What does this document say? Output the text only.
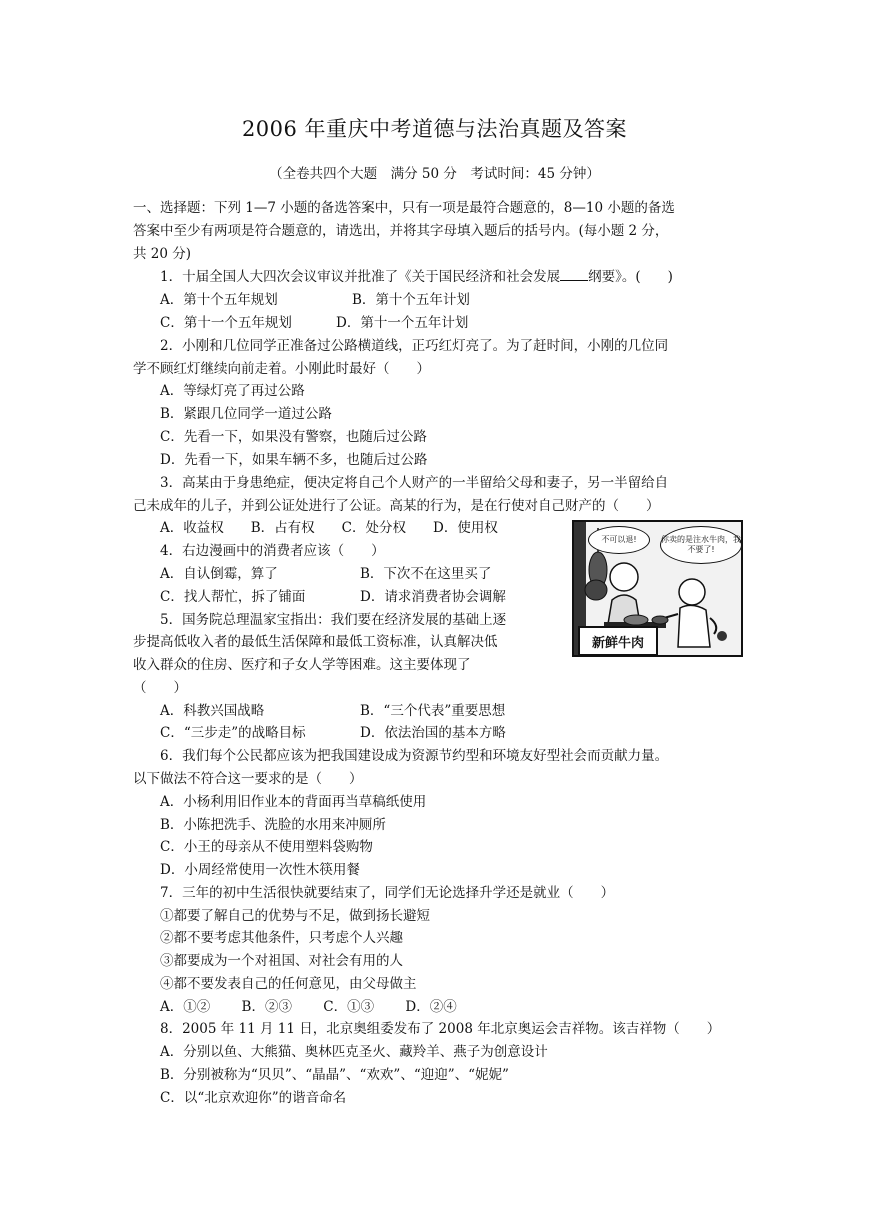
2006 年重庆中考道德与法治真题及答案
（全卷共四个大题　满分 50 分　考试时间：45 分钟）
一、选择题：下列 1—7 小题的备选答案中，只有一项是最符合题意的，8—10 小题的备选
答案中至少有两项是符合题意的，请选出，并将其字母填入题后的括号内。(每小题 2 分，
共 20 分)
1．十届全国人大四次会议审议并批准了《关于国民经济和社会发展 纲要》。(　　)
A．第十个五年规划	B．第十个五年计划
C．第十一个五年规划	D．第十一个五年计划
2．小刚和几位同学正准备过公路横道线，正巧红灯亮了。为了赶时间，小刚的几位同
学不顾红灯继续向前走着。小刚此时最好（　　）
A．等绿灯亮了再过公路
B．紧跟几位同学一道过公路
C．先看一下，如果没有警察，也随后过公路
D．先看一下，如果车辆不多，也随后过公路
3．高某由于身患绝症，便决定将自己个人财产的一半留给父母和妻子，另一半留给自
己未成年的儿子，并到公证处进行了公证。高某的行为，是在行使对自己财产的（　　）
A．收益权　　B．占有权　　C．处分权　　D．使用权
不可以退!	你卖的是注水牛肉，我不要了!
新鲜牛肉
4．右边漫画中的消费者应该（　　）
A．自认倒霉，算了	B．下次不在这里买了
C．找人帮忙，拆了铺面	D．请求消费者协会调解
5．国务院总理温家宝指出：我们要在经济发展的基础上逐
步提高低收入者的最低生活保障和最低工资标准，认真解决低
收入群众的住房、医疗和子女人学等困难。这主要体现了
（　　）
A．科教兴国战略	B．“三个代表”重要思想
C．“三步走”的战略目标	D．依法治国的基本方略
6．我们每个公民都应该为把我国建设成为资源节约型和环境友好型社会而贡献力量。
以下做法不符合这一要求的是（　　）
A．小杨利用旧作业本的背面再当草稿纸使用
B．小陈把洗手、洗脸的水用来冲厕所
C．小王的母亲从不使用塑料袋购物
D．小周经常使用一次性木筷用餐
7．三年的初中生活很快就要结束了，同学们无论选择升学还是就业（　　）
①都要了解自己的优势与不足，做到扬长避短
②都不要考虑其他条件，只考虑个人兴趣
③都要成为一个对祖国、对社会有用的人
④都不要发表自己的任何意见，由父母做主
A．①②　　 B．②③　　 C．①③　　 D．②④
8．2005 年 11 月 11 日，北京奥组委发布了 2008 年北京奥运会吉祥物。该吉祥物（　　）
A．分别以鱼、大熊猫、奥林匹克圣火、藏羚羊、燕子为创意设计
B．分别被称为“贝贝”、“晶晶”、“欢欢”、“迎迎”、“妮妮”
C．以“北京欢迎你”的谐音命名
